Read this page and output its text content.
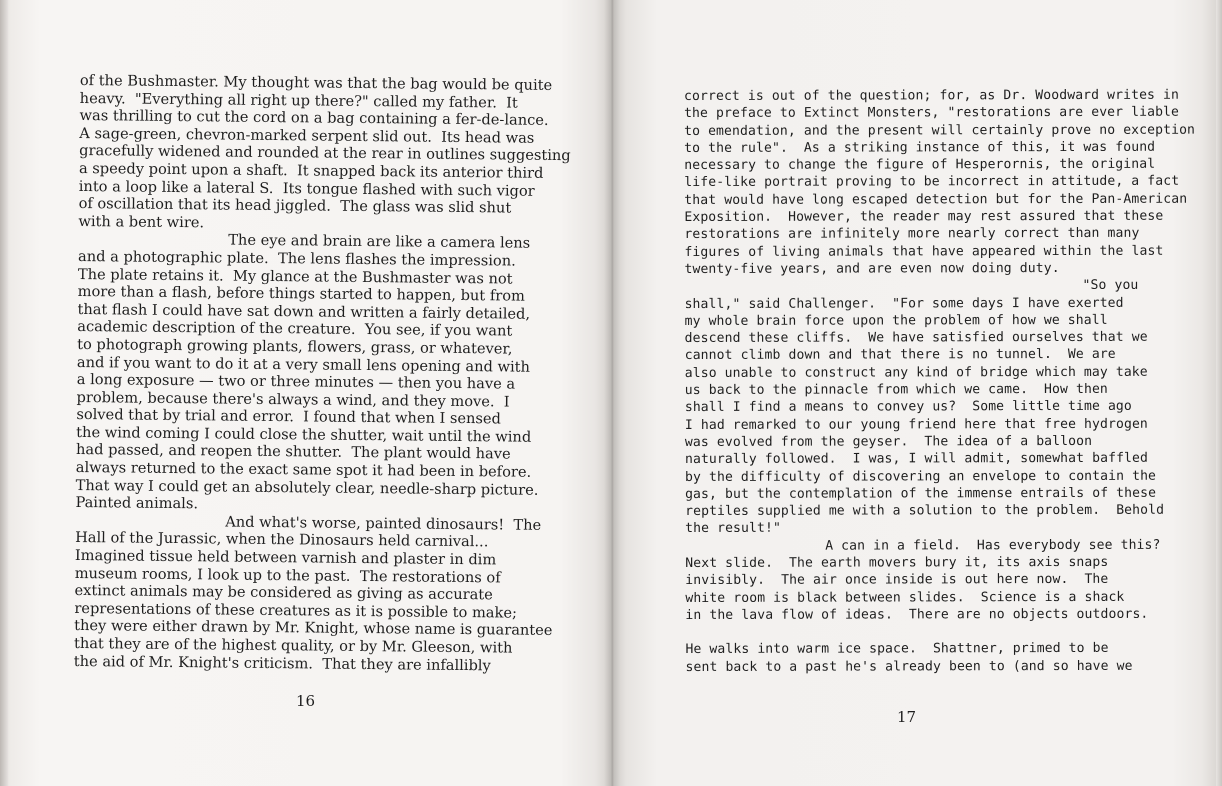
of the Bushmaster. My thought was that the bag would be quite
heavy.  "Everything all right up there?" called my father.  It
was thrilling to cut the cord on a bag containing a fer-de-lance.
A sage-green, chevron-marked serpent slid out.  Its head was
gracefully widened and rounded at the rear in outlines suggesting
a speedy point upon a shaft.  It snapped back its anterior third
into a loop like a lateral S.  Its tongue flashed with such vigor
of oscillation that its head jiggled.  The glass was slid shut
with a bent wire.
The eye and brain are like a camera lens
and a photographic plate.  The lens flashes the impression.
The plate retains it.  My glance at the Bushmaster was not
more than a flash, before things started to happen, but from
that flash I could have sat down and written a fairly detailed,
academic description of the creature.  You see, if you want
to photograph growing plants, flowers, grass, or whatever,
and if you want to do it at a very small lens opening and with
a long exposure — two or three minutes — then you have a
problem, because there's always a wind, and they move.  I
solved that by trial and error.  I found that when I sensed
the wind coming I could close the shutter, wait until the wind
had passed, and reopen the shutter.  The plant would have
always returned to the exact same spot it had been in before.
That way I could get an absolutely clear, needle-sharp picture.
Painted animals.
And what's worse, painted dinosaurs!  The
Hall of the Jurassic, when the Dinosaurs held carnival...
Imagined tissue held between varnish and plaster in dim
museum rooms, I look up to the past.  The restorations of
extinct animals may be considered as giving as accurate
representations of these creatures as it is possible to make;
they were either drawn by Mr. Knight, whose name is guarantee
that they are of the highest quality, or by Mr. Gleeson, with
the aid of Mr. Knight's criticism.  That they are infallibly
16
correct is out of the question; for, as Dr. Woodward writes in
the preface to Extinct Monsters, "restorations are ever liable
to emendation, and the present will certainly prove no exception
to the rule".  As a striking instance of this, it was found
necessary to change the figure of Hesperornis, the original
life-like portrait proving to be incorrect in attitude, a fact
that would have long escaped detection but for the Pan-American
Exposition.  However, the reader may rest assured that these
restorations are infinitely more nearly correct than many
figures of living animals that have appeared within the last
twenty-five years, and are even now doing duty.
"So you
shall," said Challenger.  "For some days I have exerted
my whole brain force upon the problem of how we shall
descend these cliffs.  We have satisfied ourselves that we
cannot climb down and that there is no tunnel.  We are
also unable to construct any kind of bridge which may take
us back to the pinnacle from which we came.  How then
shall I find a means to convey us?  Some little time ago
I had remarked to our young friend here that free hydrogen
was evolved from the geyser.  The idea of a balloon
naturally followed.  I was, I will admit, somewhat baffled
by the difficulty of discovering an envelope to contain the
gas, but the contemplation of the immense entrails of these
reptiles supplied me with a solution to the problem.  Behold
the result!"
A can in a field.  Has everybody see this?
Next slide.  The earth movers bury it, its axis snaps
invisibly.  The air once inside is out here now.  The
white room is black between slides.  Science is a shack
in the lava flow of ideas.  There are no objects outdoors.
He walks into warm ice space.  Shattner, primed to be
sent back to a past he's already been to (and so have we
17
